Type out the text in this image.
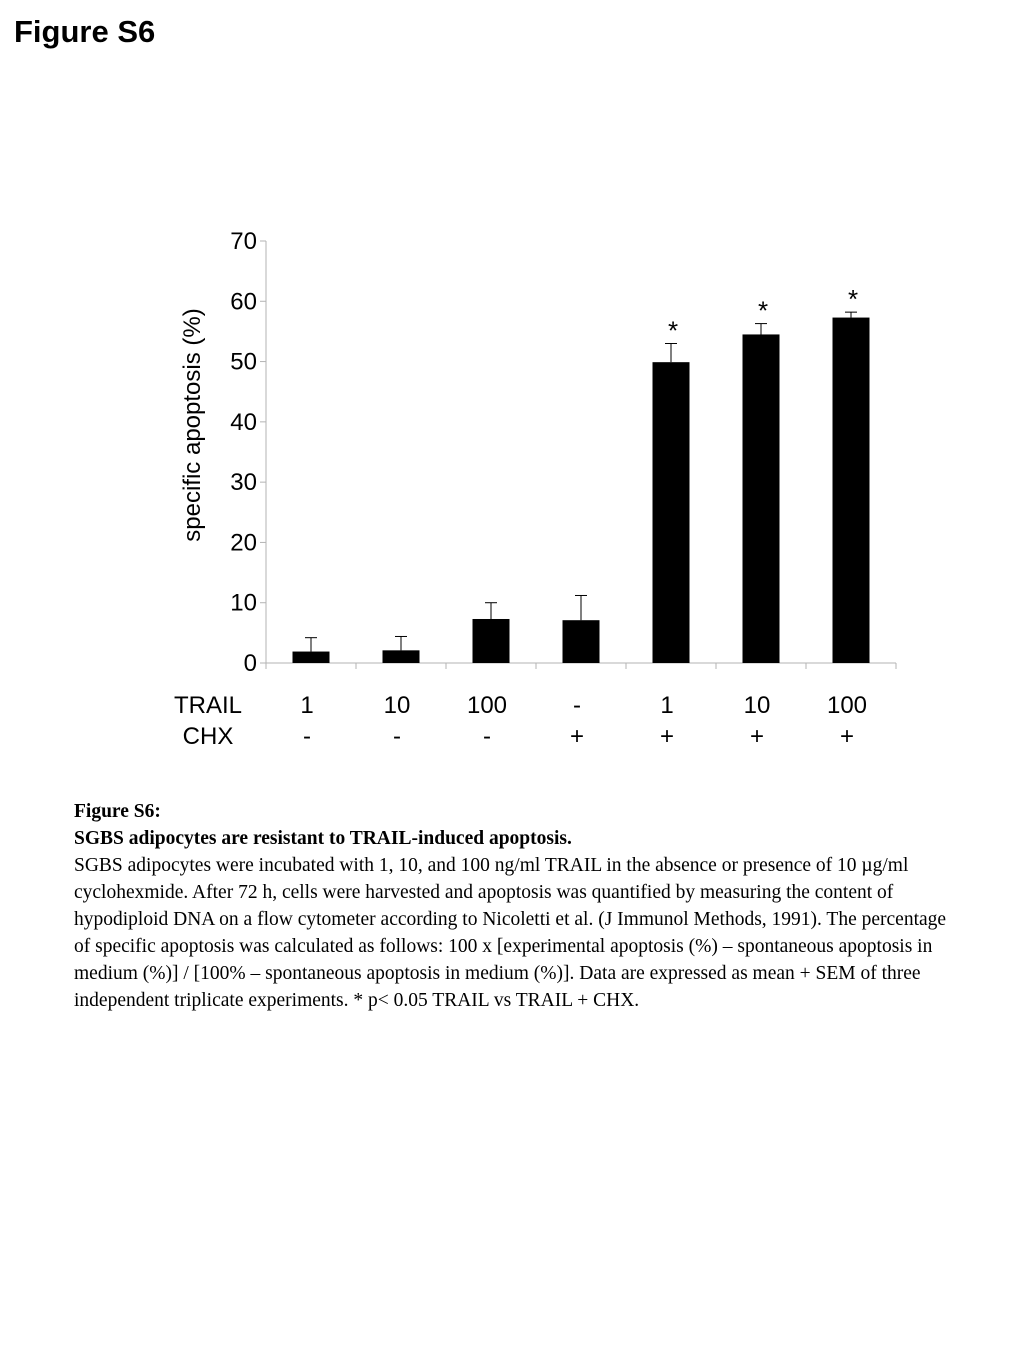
Figure S6
specific apoptosis (%)
0
10
20
30
40
50
60
70
*
*	*
TRAIL
CHX
1
-
10
-
100
-
-
+
1
+
10
+
100
+
Figure S6:
SGBS adipocytes are resistant to TRAIL-induced apoptosis.
SGBS adipocytes were incubated with 1, 10, and 100 ng/ml TRAIL in the absence or presence of 10 µg/ml cyclohexmide. After 72 h, cells were harvested and apoptosis was quantified by measuring the content of hypodiploid DNA on a flow cytometer according to Nicoletti et al. (J Immunol Methods, 1991). The percentage of specific apoptosis was calculated as follows: 100 x [experimental apoptosis (%) – spontaneous apoptosis in medium (%)] / [100% – spontaneous apoptosis in medium (%)]. Data are expressed as mean + SEM of three independent triplicate experiments. * p< 0.05 TRAIL vs TRAIL + CHX.
